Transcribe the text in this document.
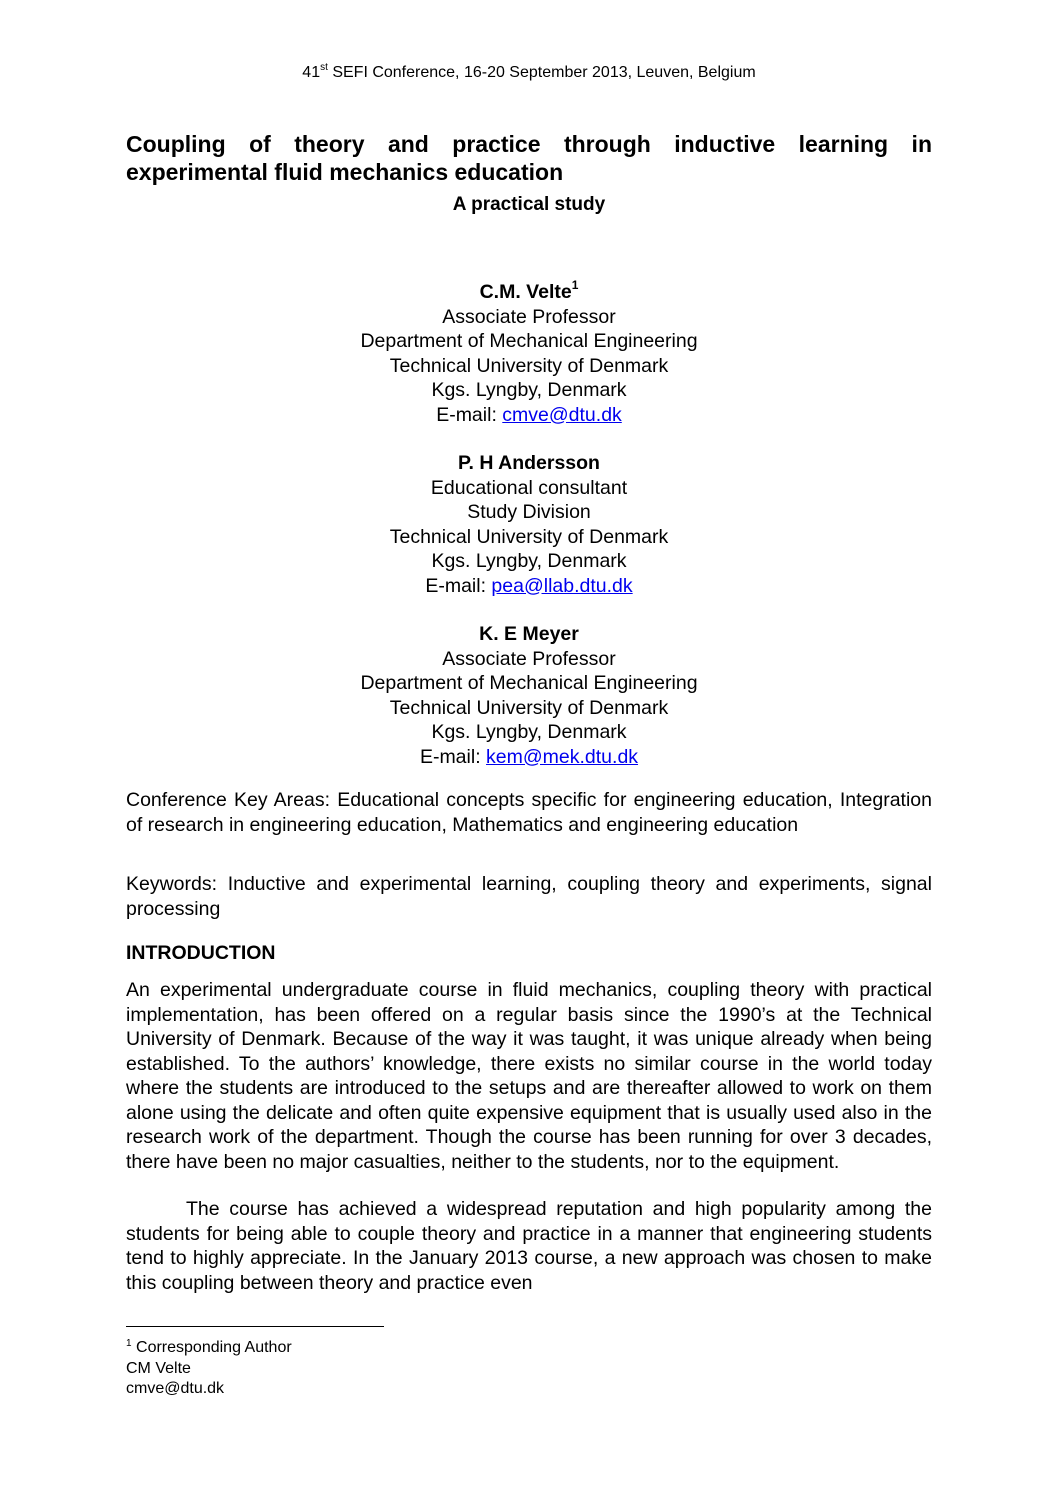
41st SEFI Conference, 16-20 September 2013, Leuven, Belgium
Coupling of theory and practice through inductive learning in experimental fluid mechanics education
A practical study
C.M. Velte$^1$
Associate Professor
Department of Mechanical Engineering
Technical University of Denmark
Kgs. Lyngby, Denmark
E-mail: cmve@dtu.dk
P. H Andersson
Educational consultant
Study Division
Technical University of Denmark
Kgs. Lyngby, Denmark
E-mail: pea@llab.dtu.dk
K. E Meyer
Associate Professor
Department of Mechanical Engineering
Technical University of Denmark
Kgs. Lyngby, Denmark
E-mail: kem@mek.dtu.dk
Conference Key Areas: Educational concepts specific for engineering education, Integration of research in engineering education, Mathematics and engineering education
Keywords: Inductive and experimental learning, coupling theory and experiments, signal processing
INTRODUCTION
An experimental undergraduate course in fluid mechanics, coupling theory with practical implementation, has been offered on a regular basis since the 1990’s at the Technical University of Denmark. Because of the way it was taught, it was unique already when being established. To the authors’ knowledge, there exists no similar course in the world today where the students are introduced to the setups and are thereafter allowed to work on them alone using the delicate and often quite expensive equipment that is usually used also in the research work of the department. Though the course has been running for over 3 decades, there have been no major casualties, neither to the students, nor to the equipment.
The course has achieved a widespread reputation and high popularity among the students for being able to couple theory and practice in a manner that engineering students tend to highly appreciate. In the January 2013 course, a new approach was chosen to make this coupling between theory and practice even
$^1$ Corresponding Author
CM Velte
cmve@dtu.dk
